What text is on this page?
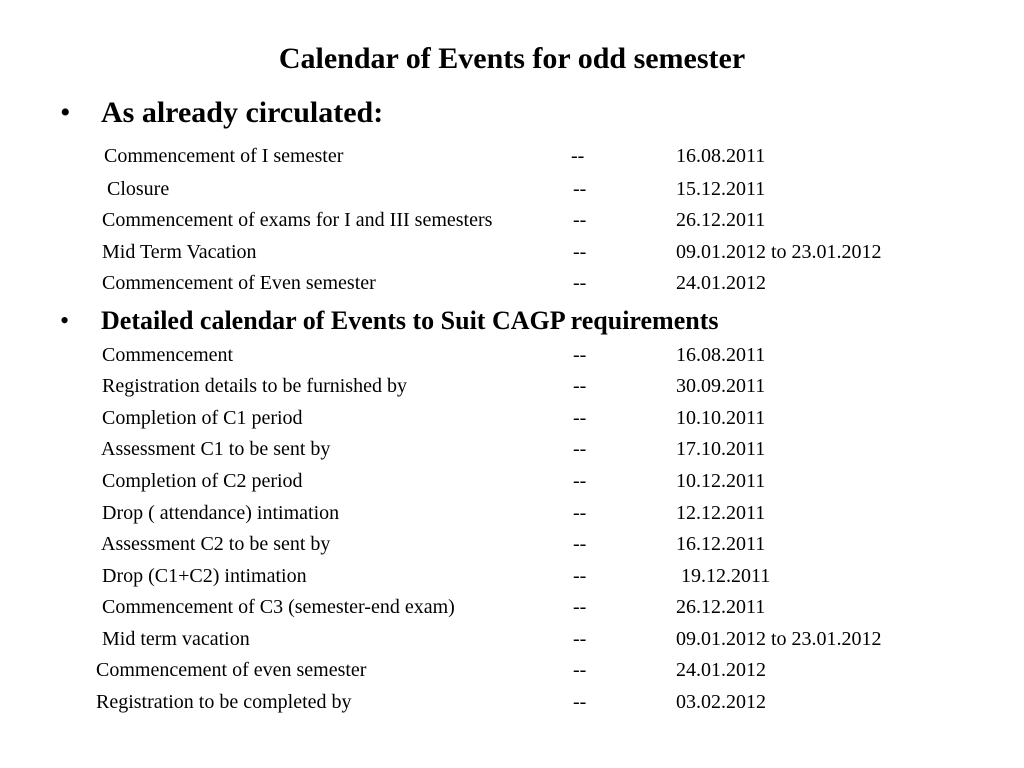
Calendar of Events for odd semester
• As already circulated:
Commencement of I semester	--	16.08.2011
Closure	--	15.12.2011
Commencement of exams for I and III semesters	--	26.12.2011
Mid Term Vacation	--	09.01.2012 to 23.01.2012
Commencement of Even semester	--	24.01.2012
• Detailed calendar of Events to Suit CAGP requirements
Commencement	--	16.08.2011
Registration details to be furnished by	--	30.09.2011
Completion of C1 period	--	10.10.2011
Assessment C1 to be sent by	--	17.10.2011
Completion of C2 period	--	10.12.2011
Drop ( attendance) intimation	--	12.12.2011
Assessment C2 to be sent by	--	16.12.2011
Drop (C1+C2) intimation	--	19.12.2011
Commencement of C3 (semester-end exam)	--	26.12.2011
Mid term vacation	--	09.01.2012 to 23.01.2012
Commencement of even semester	--	24.01.2012
Registration to be completed by	--	03.02.2012
